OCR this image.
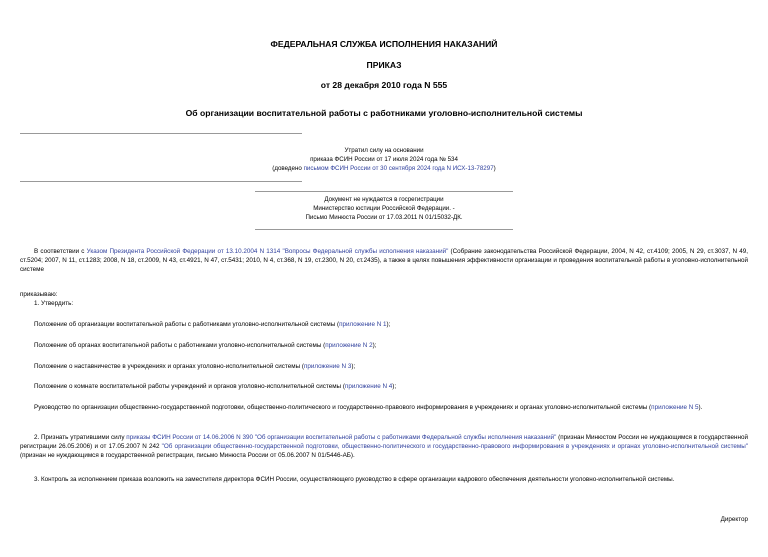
ФЕДЕРАЛЬНАЯ СЛУЖБА ИСПОЛНЕНИЯ НАКАЗАНИЙ
ПРИКАЗ
от 28 декабря 2010 года N 555
Об организации воспитательной работы с работниками уголовно-исполнительной системы
Утратил силу на основании
приказа ФСИН России от 17 июля 2024 года № 534
(доведено письмом ФСИН России от 30 сентября 2024 года N ИСХ-13-78297)
Документ не нуждается в госрегистрации
Министерство юстиции Российской Федерации. -
Письмо Минюста России от 17.03.2011 N 01/15032-ДК.
В соответствии с Указом Президента Российской Федерации от 13.10.2004 N 1314 "Вопросы Федеральной службы исполнения наказаний" (Собрание законодательства Российской Федерации, 2004, N 42, ст.4109; 2005, N 29, ст.3037, N 49, ст.5204; 2007, N 11, ст.1283; 2008, N 18, ст.2009, N 43, ст.4921, N 47, ст.5431; 2010, N 4, ст.368, N 19, ст.2300, N 20, ст.2435), а также в целях повышения эффективности организации и проведения воспитательной работы в уголовно-исполнительной системе
приказываю:
1. Утвердить:
Положение об организации воспитательной работы с работниками уголовно-исполнительной системы (приложение N 1);
Положение об органах воспитательной работы с работниками уголовно-исполнительной системы (приложение N 2);
Положение о наставничестве в учреждениях и органах уголовно-исполнительной системы (приложение N 3);
Положение о комнате воспитательной работы учреждений и органов уголовно-исполнительной системы (приложение N 4);
Руководство по организации общественно-государственной подготовки, общественно-политического и государственно-правового информирования в учреждениях и органах уголовно-исполнительной системы (приложение N 5).
2. Признать утратившими силу приказы ФСИН России от 14.06.2006 N 390 "Об организации воспитательной работы с работниками Федеральной службы исполнения наказаний" (признан Минюстом России не нуждающимся в государственной регистрации 26.05.2006) и от 17.05.2007 N 242 "Об организации общественно-государственной подготовки, общественно-политического и государственно-правового информирования в учреждениях и органах уголовно-исполнительной системы" (признан не нуждающимся в государственной регистрации, письмо Минюста России от 05.06.2007 N 01/5446-АБ).
3. Контроль за исполнением приказа возложить на заместителя директора ФСИН России, осуществляющего руководство в сфере организации кадрового обеспечения деятельности уголовно-исполнительной системы.
Директор
